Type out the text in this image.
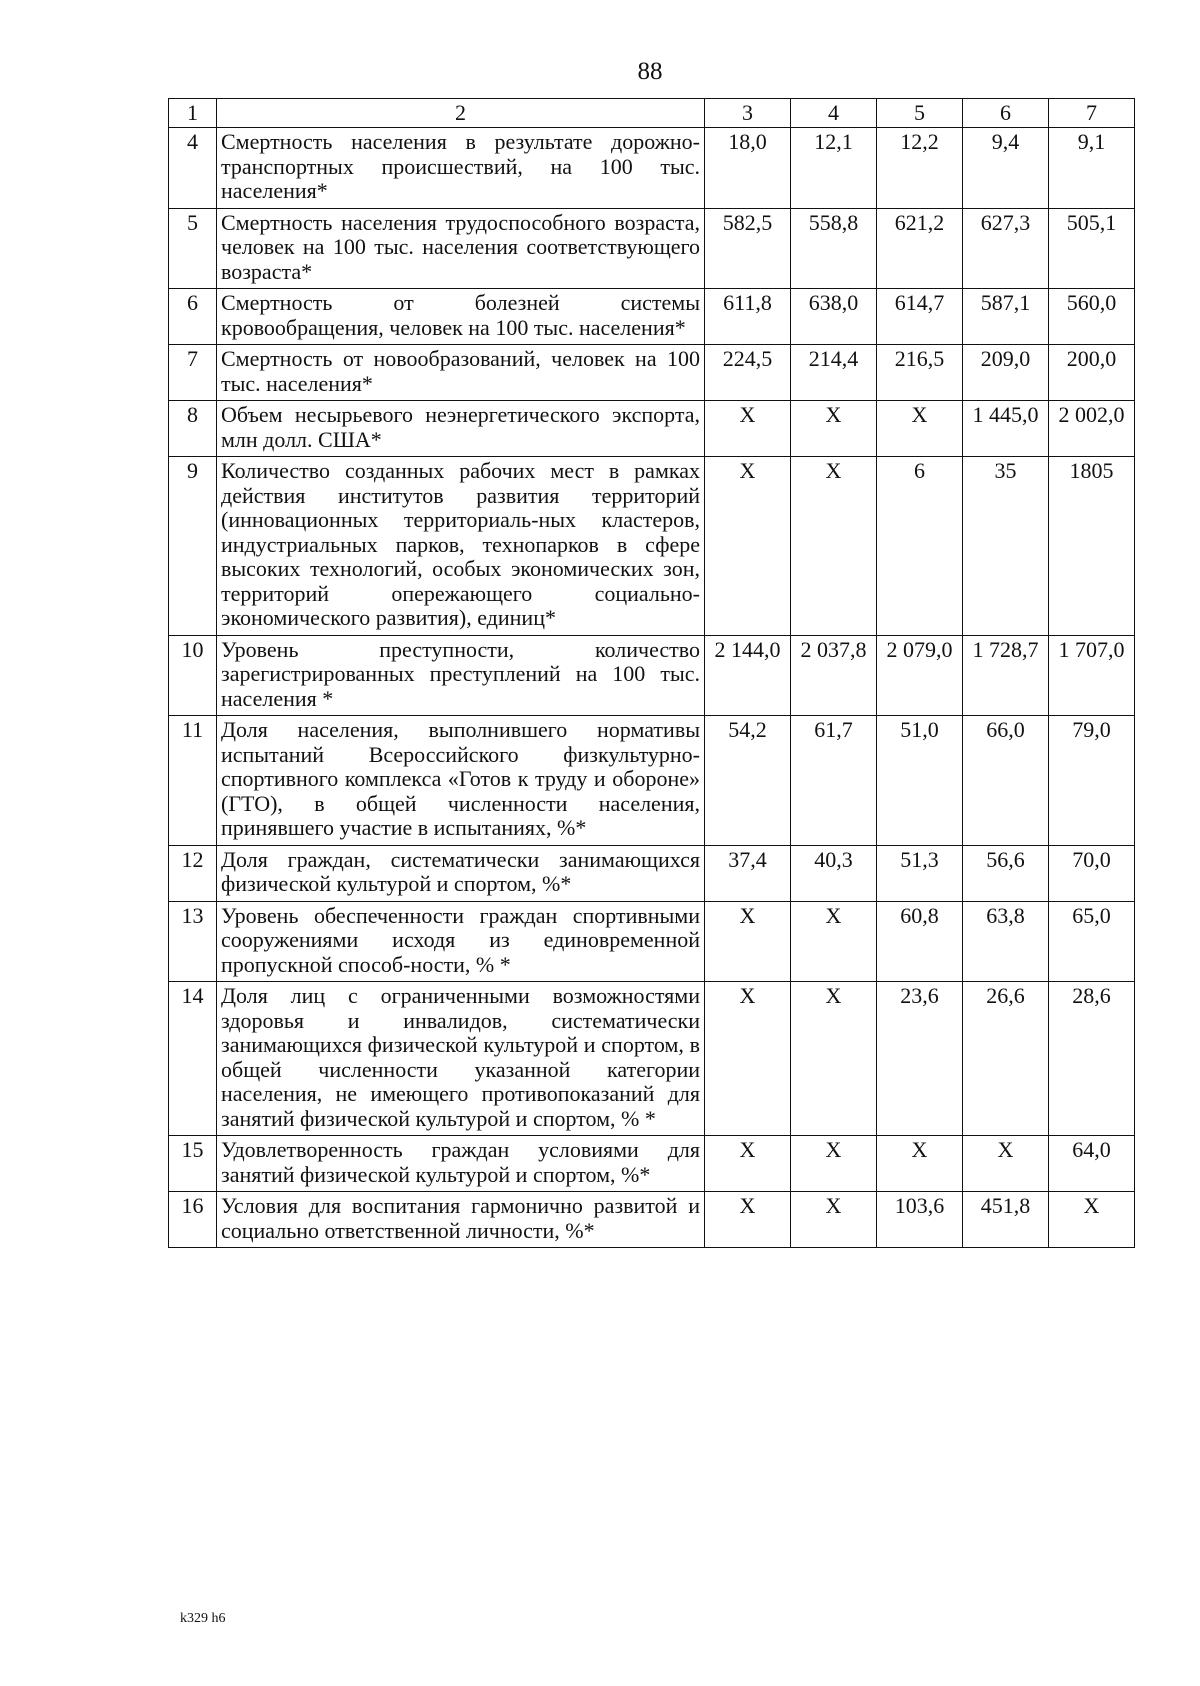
88
1	2	3	4	5	6	7
4	Смертность населения в результате дорожно-транспортных происшествий, на 100 тыс. населения*	18,0	12,1	12,2	9,4	9,1
5	Смертность населения трудоспособного возраста, человек на 100 тыс. населения соответствующего возраста*	582,5	558,8	621,2	627,3	505,1
6	Смертность от болезней системы кровообращения, человек на 100 тыс. населения*	611,8	638,0	614,7	587,1	560,0
7	Смертность от новообразований, человек на 100 тыс. населения*	224,5	214,4	216,5	209,0	200,0
8	Объем несырьевого неэнергетического экспорта, млн долл. США*	X	X	X	1 445,0	2 002,0
9	Количество созданных рабочих мест в рамках действия институтов развития территорий (инновационных территориаль-ных кластеров, индустриальных парков, технопарков в сфере высоких технологий, особых экономических зон, территорий опережающего социально-экономического развития), единиц*	X	X	6	35	1805
10	Уровень преступности, количество зарегистрированных преступлений на 100 тыс. населения *	2 144,0	2 037,8	2 079,0	1 728,7	1 707,0
11	Доля населения, выполнившего нормативы испытаний Всероссийского физкультурно-спортивного комплекса «Готов к труду и обороне» (ГТО), в общей численности населения, принявшего участие в испытаниях, %*	54,2	61,7	51,0	66,0	79,0
12	Доля граждан, систематически занимающихся физической культурой и спортом, %*	37,4	40,3	51,3	56,6	70,0
13	Уровень обеспеченности граждан спортивными сооружениями исходя из единовременной пропускной способ-ности, % *	X	X	60,8	63,8	65,0
14	Доля лиц с ограниченными возможностями здоровья и инвалидов, систематически занимающихся физической культурой и спортом, в общей численности указанной категории населения, не имеющего противопоказаний для занятий физической культурой и спортом, % *	X	X	23,6	26,6	28,6
15	Удовлетворенность граждан условиями для занятий физической культурой и спортом, %*	X	X	X	X	64,0
16	Условия для воспитания гармонично развитой и социально ответственной личности, %*	X	X	103,6	451,8	X
k329 h6
